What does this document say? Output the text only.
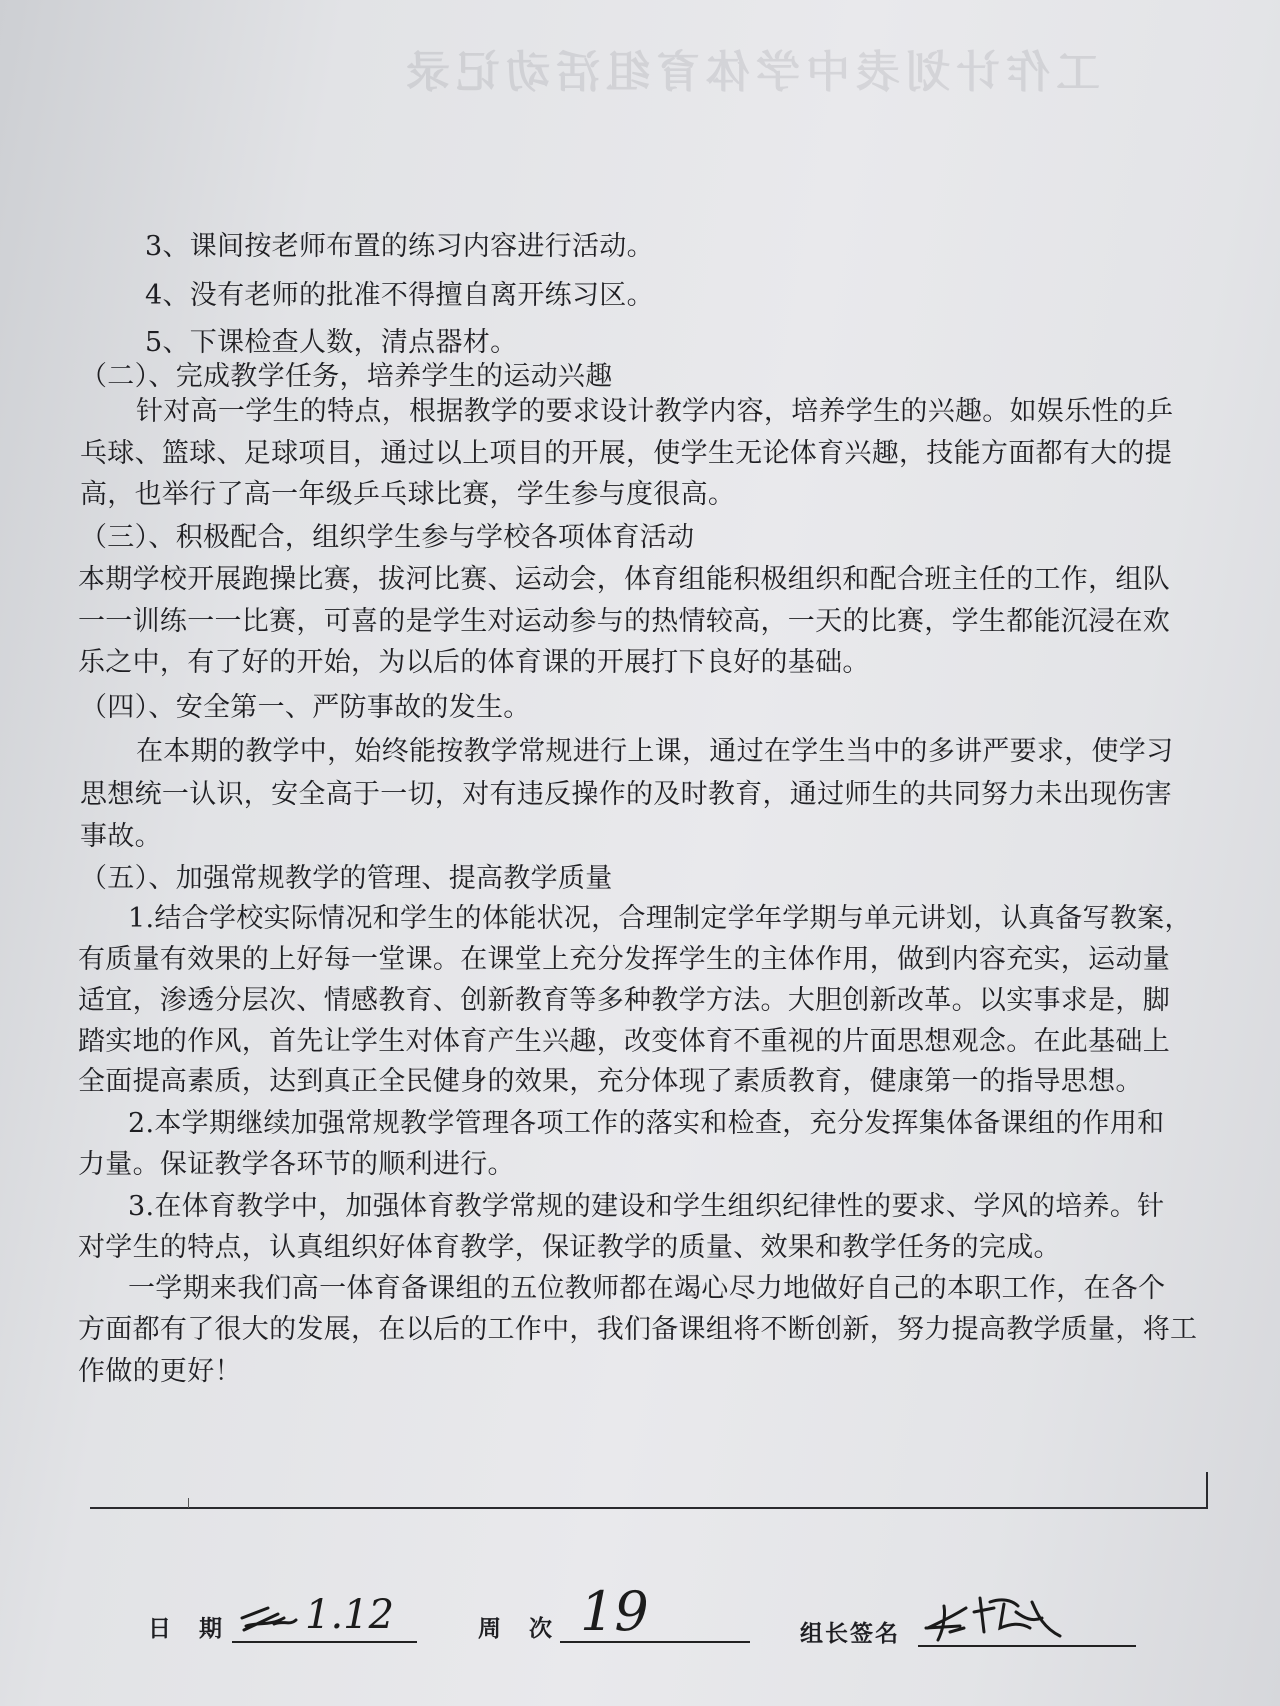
工作计划表中学体育组活动记录
3、课间按老师布置的练习内容进行活动。
4、没有老师的批准不得擅自离开练习区。
5、下课检查人数，清点器材。
（二）、完成教学任务，培养学生的运动兴趣
针对高一学生的特点，根据教学的要求设计教学内容，培养学生的兴趣。如娱乐性的乒
乓球、篮球、足球项目，通过以上项目的开展，使学生无论体育兴趣，技能方面都有大的提
高，也举行了高一年级乒乓球比赛，学生参与度很高。
（三）、积极配合，组织学生参与学校各项体育活动
本期学校开展跑操比赛，拔河比赛、运动会，体育组能积极组织和配合班主任的工作，组队
一一训练一一比赛，可喜的是学生对运动参与的热情较高，一天的比赛，学生都能沉浸在欢
乐之中，有了好的开始，为以后的体育课的开展打下良好的基础。
（四）、安全第一、严防事故的发生。
在本期的教学中，始终能按教学常规进行上课，通过在学生当中的多讲严要求，使学习
思想统一认识，安全高于一切，对有违反操作的及时教育，通过师生的共同努力未出现伤害
事故。
（五）、加强常规教学的管理、提高教学质量
1.结合学校实际情况和学生的体能状况，合理制定学年学期与单元讲划，认真备写教案，
有质量有效果的上好每一堂课。在课堂上充分发挥学生的主体作用，做到内容充实，运动量
适宜，渗透分层次、情感教育、创新教育等多种教学方法。大胆创新改革。以实事求是，脚
踏实地的作风，首先让学生对体育产生兴趣，改变体育不重视的片面思想观念。在此基础上
全面提高素质，达到真正全民健身的效果，充分体现了素质教育，健康第一的指导思想。
2.本学期继续加强常规教学管理各项工作的落实和检查，充分发挥集体备课组的作用和
力量。保证教学各环节的顺利进行。
3.在体育教学中，加强体育教学常规的建设和学生组织纪律性的要求、学风的培养。针
对学生的特点，认真组织好体育教学，保证教学的质量、效果和教学任务的完成。
一学期来我们高一体育备课组的五位教师都在竭心尽力地做好自己的本职工作，在各个
方面都有了很大的发展，在以后的工作中，我们备课组将不断创新，努力提高教学质量，将工
作做的更好！
日 期 1.12	周 次 19	组长签名
